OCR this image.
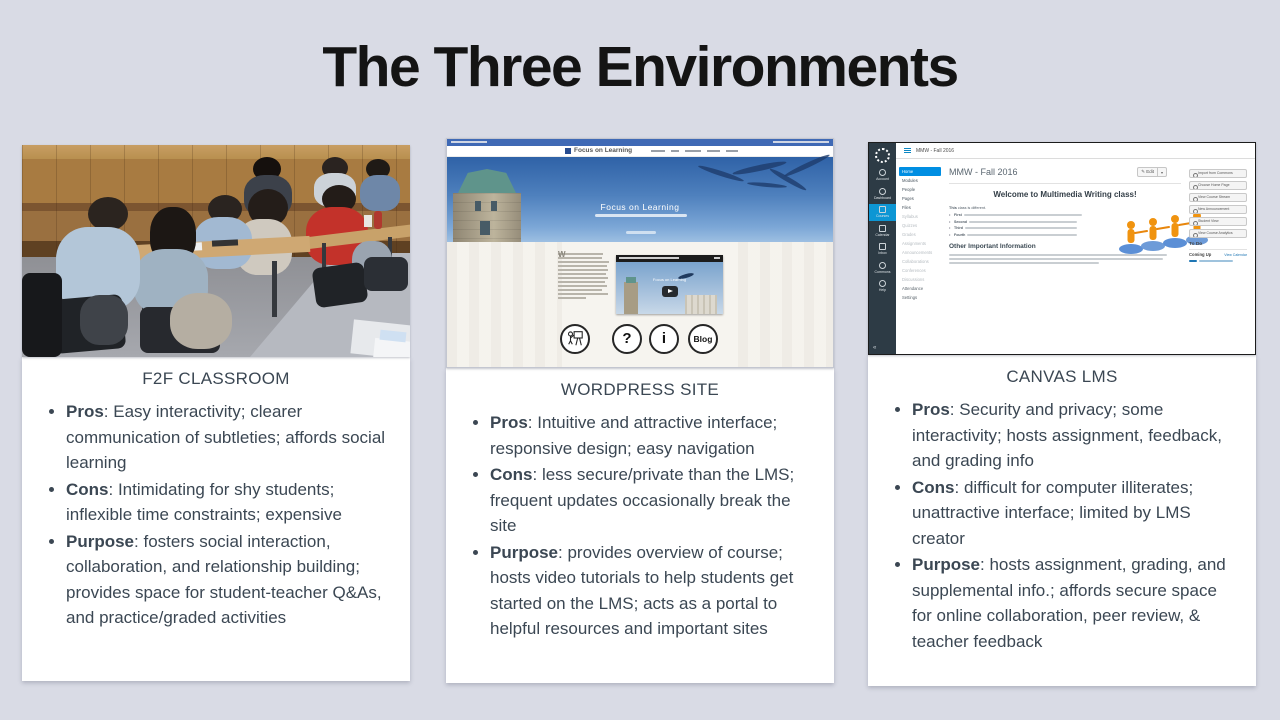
The Three Environments
F2F CLASSROOM
• Pros: Easy interactivity; clearer communication of subtleties; affords social learning
• Cons: Intimidating for shy students; inflexible time constraints; expensive
• Purpose: fosters social interaction, collaboration, and relationship building; provides space for student-teacher Q&As, and practice/graded activities
Focus on Learning
Focus on Learning
W
Focus on Learning
?	i	Blog
WORDPRESS SITE
• Pros: Intuitive and attractive interface; responsive design; easy navigation
• Cons: less secure/private than the LMS; frequent updates occasionally break the site
• Purpose: provides overview of course; hosts video tutorials to help students get started on the LMS; acts as a portal to helpful resources and important sites
Account
Dashboard
Courses
Calendar
Inbox
Commons
Help
«
MMW - Fall 2016
Home
Modules
People
Pages
Files
Syllabus
Quizzes
Grades
Assignments
Announcements
Collaborations
Conferences
Discussions
Attendance
Settings
MMW - Fall 2016	✎ Edit	▾
Welcome to Multimedia Writing class!
This class is different.
• First
• Second
• Third
• Fourth
Other Important Information
Import from Commons
Choose Home Page
View Course Stream
New Announcement
Student View
View Course Analytics
To Do
Coming Up	View Calendar
CANVAS LMS
• Pros: Security and privacy; some interactivity; hosts assignment, feedback, and grading info
• Cons: difficult for computer illiterates; unattractive interface; limited by LMS creator
• Purpose: hosts assignment, grading, and supplemental info.; affords secure space for online collaboration, peer review, & teacher feedback
